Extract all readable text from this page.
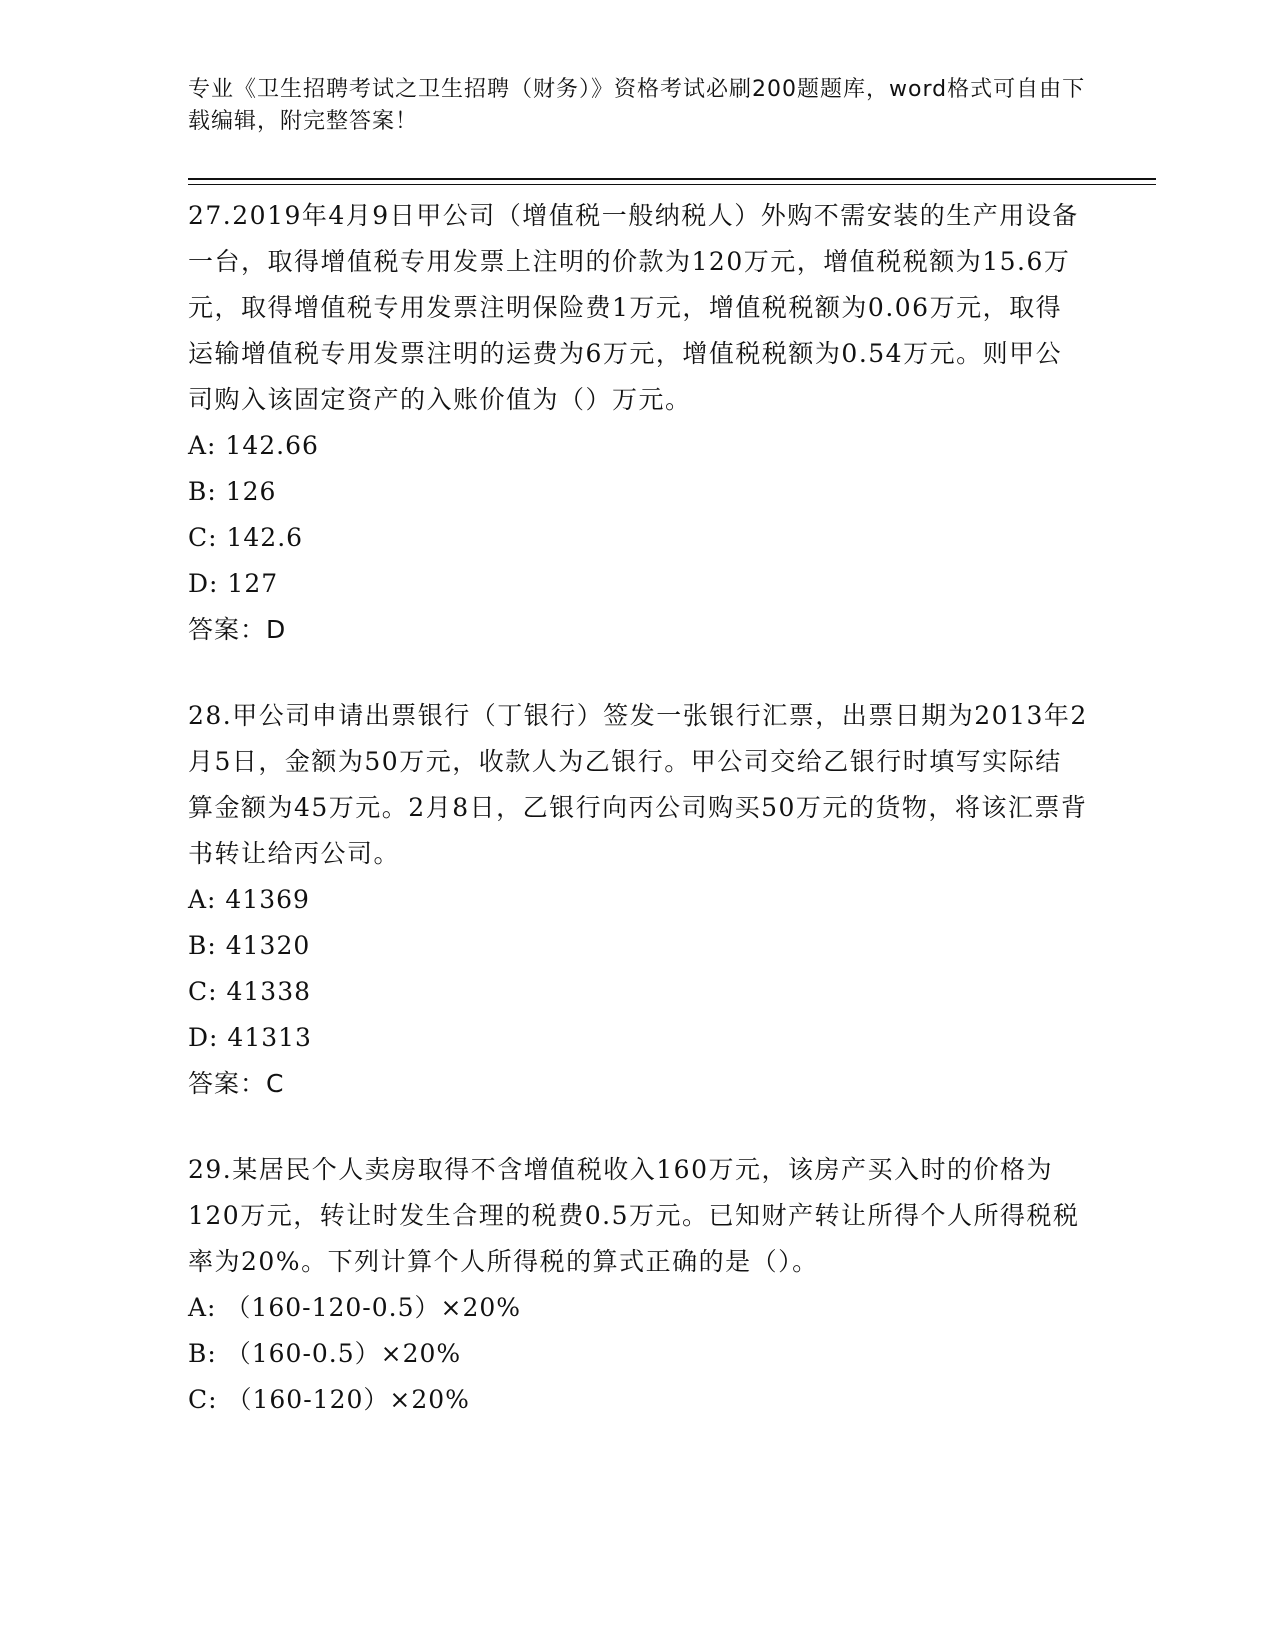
专业《卫生招聘考试之卫生招聘（财务）》资格考试必刷200题题库，word格式可自由下载编辑，附完整答案！

27.2019年4月9日甲公司（增值税一般纳税人）外购不需安装的生产用设备一台，取得增值税专用发票上注明的价款为120万元，增值税税额为15.6万元，取得增值税专用发票注明保险费1万元，增值税税额为0.06万元，取得运输增值税专用发票注明的运费为6万元，增值税税额为0.54万元。则甲公司购入该固定资产的入账价值为（）万元。

A: 142.66

B: 126

C: 142.6

D: 127

答案：D

28.甲公司申请出票银行（丁银行）签发一张银行汇票，出票日期为2013年2月5日，金额为50万元，收款人为乙银行。甲公司交给乙银行时填写实际结算金额为45万元。2月8日，乙银行向丙公司购买50万元的货物，将该汇票背书转让给丙公司。

A: 41369

B: 41320

C: 41338

D: 41313

答案：C

29.某居民个人卖房取得不含增值税收入160万元，该房产买入时的价格为120万元，转让时发生合理的税费0.5万元。已知财产转让所得个人所得税税率为20%。下列计算个人所得税的算式正确的是（）。

A: （160-120-0.5）×20%

B: （160-0.5）×20%

C: （160-120）×20%
